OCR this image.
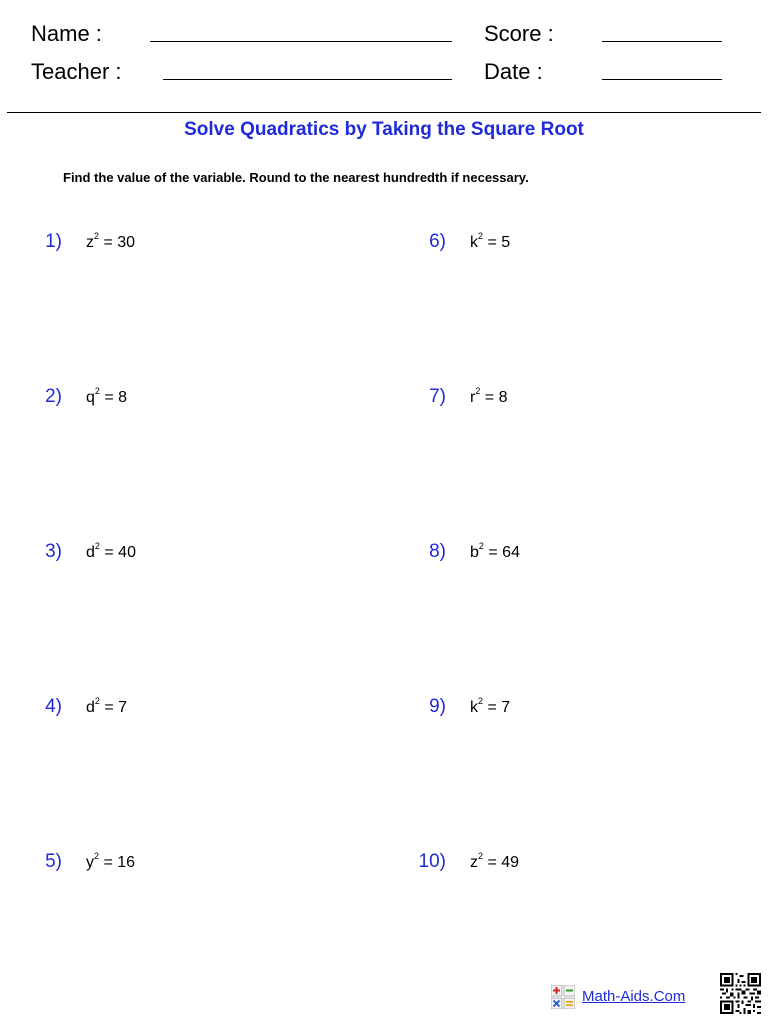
Name :	Score :
Teacher :	Date :
Solve Quadratics by Taking the Square Root
Find the value of the variable. Round to the nearest hundredth if necessary.
1) $z^2 = 30$
2) $q^2 = 8$
3) $d^2 = 40$
4) $d^2 = 7$
5) $y^2 = 16$
6) $k^2 = 5$
7) $r^2 = 8$
8) $b^2 = 64$
9) $k^2 = 7$
10) $z^2 = 49$
Math-Aids.Com
